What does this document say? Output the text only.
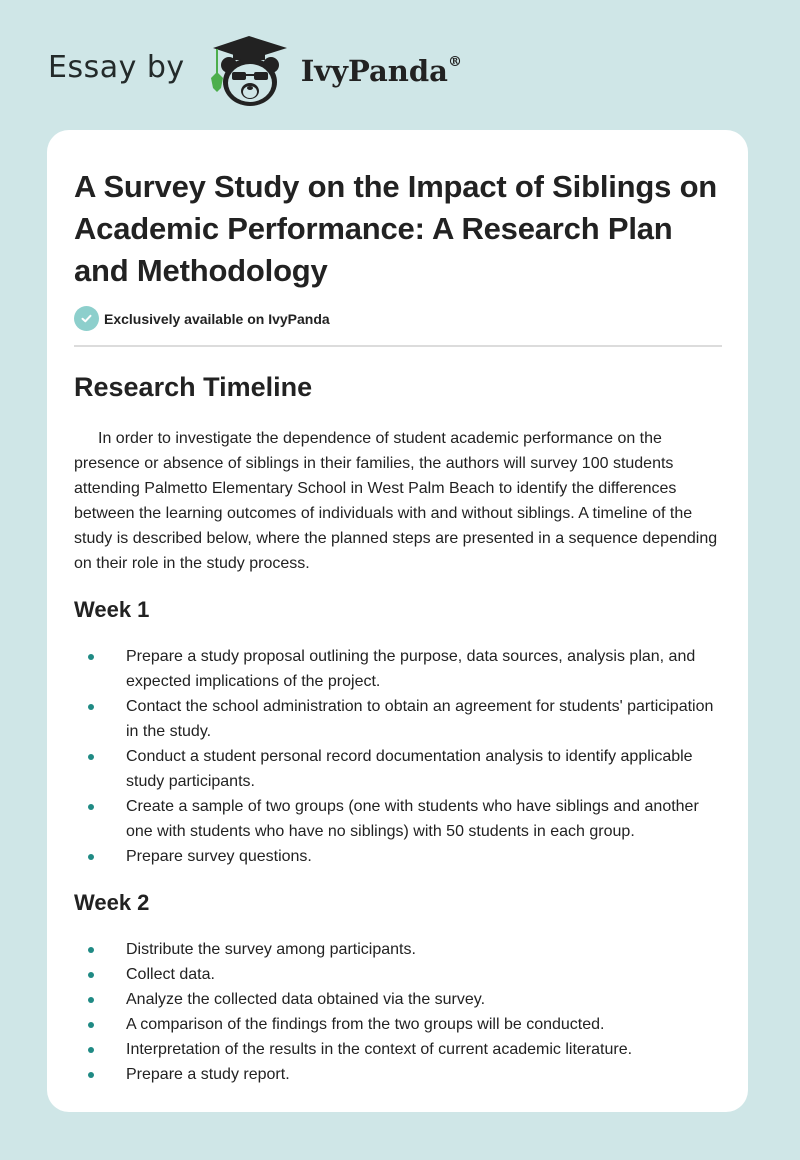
Essay by	IvyPanda®
A Survey Study on the Impact of Siblings on Academic Performance: A Research Plan and Methodology
Exclusively available on IvyPanda
Research Timeline

In order to investigate the dependence of student academic performance on the presence or absence of siblings in their families, the authors will survey 100 students attending Palmetto Elementary School in West Palm Beach to identify the differences between the learning outcomes of individuals with and without siblings. A timeline of the study is described below, where the planned steps are presented in a sequence depending on their role in the study process.

Week 1
Prepare a study proposal outlining the purpose, data sources, analysis plan, and expected implications of the project.
Contact the school administration to obtain an agreement for students' participation in the study.
Conduct a student personal record documentation analysis to identify applicable study participants.
Create a sample of two groups (one with students who have siblings and another one with students who have no siblings) with 50 students in each group.
Prepare survey questions.
Week 2
Distribute the survey among participants.
Collect data.
Analyze the collected data obtained via the survey.
A comparison of the findings from the two groups will be conducted.
Interpretation of the results in the context of current academic literature.
Prepare a study report.
